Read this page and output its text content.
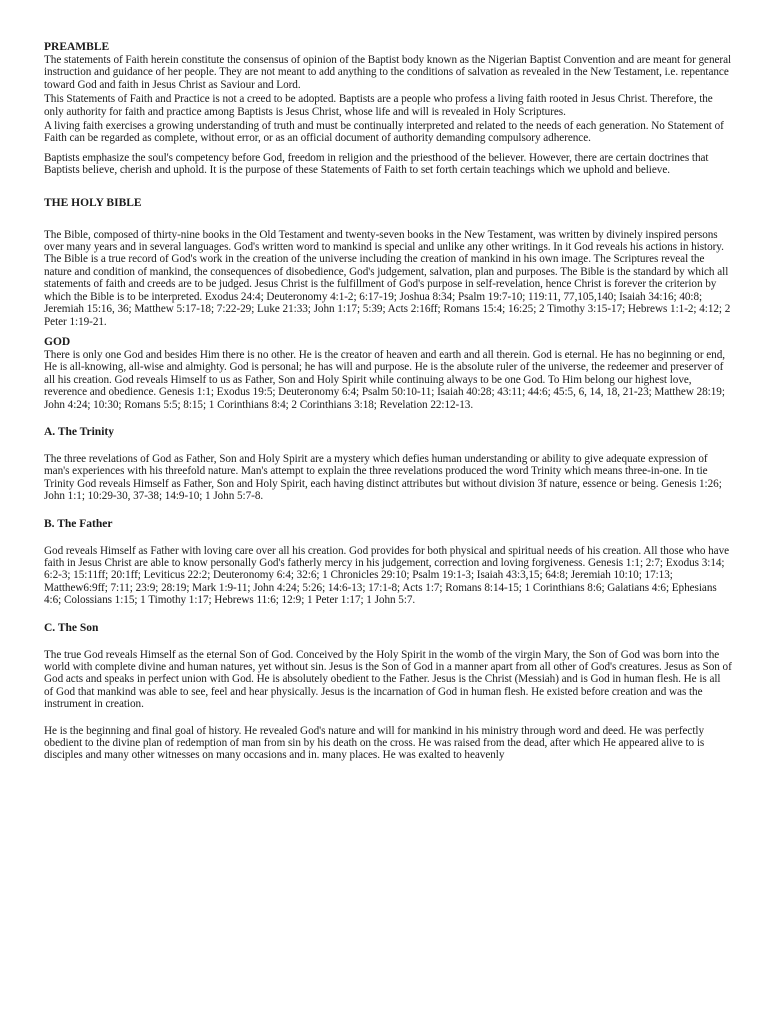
PREAMBLE

The statements of Faith herein constitute the consensus of opinion of the Baptist body known as the Nigerian Baptist Convention and are meant for general instruction and guidance of her people. They are not meant to add anything to the conditions of salvation as revealed in the New Testament, i.e. repentance toward God and faith in Jesus Christ as Saviour and Lord.

This Statements of Faith and Practice is not a creed to be adopted. Baptists are a people who profess a living faith rooted in Jesus Christ. Therefore, the only authority for faith and practice among Baptists is Jesus Christ, whose life and will is revealed in Holy Scriptures.

A living faith exercises a growing understanding of truth and must be continually interpreted and related to the needs of each generation. No Statement of Faith can be regarded as complete, without error, or as an official document of authority demanding compulsory adherence.

Baptists emphasize the soul's competency before God, freedom in religion and the priesthood of the believer. However, there are certain doctrines that Baptists believe, cherish and uphold. It is the purpose of these Statements of Faith to set forth certain teachings which we uphold and believe.

THE HOLY BIBLE

The Bible, composed of thirty-nine books in the Old Testament and twenty-seven books in the New Testament, was written by divinely inspired persons over many years and in several languages. God's written word to mankind is special and unlike any other writings. In it God reveals his actions in history. The Bible is a true record of God's work in the creation of the universe including the creation of mankind in his own image. The Scriptures reveal the nature and condition of mankind, the consequences of disobedience, God's judgement, salvation, plan and purposes. The Bible is the standard by which all statements of faith and creeds are to be judged. Jesus Christ is the fulfillment of God's purpose in self-revelation, hence Christ is forever the criterion by which the Bible is to be interpreted. Exodus 24:4; Deuteronomy 4:1-2; 6:17-19; Joshua 8:34; Psalm 19:7-10; 119:11, 77,105,140; Isaiah 34:16; 40:8; Jeremiah 15:16, 36; Matthew 5:17-18; 7:22-29; Luke 21:33; John 1:17; 5:39; Acts 2:16ff; Romans 15:4; 16:25; 2 Timothy 3:15-17; Hebrews 1:1-2; 4:12; 2 Peter 1:19-21.

GOD

There is only one God and besides Him there is no other. He is the creator of heaven and earth and all therein. God is eternal. He has no beginning or end, He is all-knowing, all-wise and almighty. God is personal; he has will and purpose. He is the absolute ruler of the universe, the redeemer and preserver of all his creation. God reveals Himself to us as Father, Son and Holy Spirit while continuing always to be one God. To Him belong our highest love, reverence and obedience. Genesis 1:1; Exodus 19:5; Deuteronomy 6:4; Psalm 50:10-11; Isaiah 40:28; 43:11; 44:6; 45:5, 6, 14, 18, 21-23; Matthew 28:19; John 4:24; 10:30; Romans 5:5; 8:15; 1 Corinthians 8:4; 2 Corinthians 3:18; Revelation 22:12-13.

A. The Trinity

The three revelations of God as Father, Son and Holy Spirit are a mystery which defies human understanding or ability to give adequate expression of man's experiences with his threefold nature. Man's attempt to explain the three revelations produced the word Trinity which means three-in-one. In tie Trinity God reveals Himself as Father, Son and Holy Spirit, each having distinct attributes but without division 3f nature, essence or being. Genesis 1:26; John 1:1; 10:29-30, 37-38; 14:9-10; 1 John 5:7-8.

B. The Father

God reveals Himself as Father with loving care over all his creation. God provides for both physical and spiritual needs of his creation. All those who have faith in Jesus Christ are able to know personally God's fatherly mercy in his judgement, correction and loving forgiveness. Genesis 1:1; 2:7; Exodus 3:14; 6:2-3; 15:11ff; 20:1ff; Leviticus 22:2; Deuteronomy 6:4; 32:6; 1 Chronicles 29:10; Psalm 19:1-3; Isaiah 43:3,15; 64:8; Jeremiah 10:10; 17:13; Matthew6:9ff; 7:11; 23:9; 28:19; Mark 1:9-11; John 4:24; 5:26; 14:6-13; 17:1-8; Acts 1:7; Romans 8:14-15; 1 Corinthians 8:6; Galatians 4:6; Ephesians 4:6; Colossians 1:15; 1 Timothy 1:17; Hebrews 11:6; 12:9; 1 Peter 1:17; 1 John 5:7.

C. The Son

The true God reveals Himself as the eternal Son of God. Conceived by the Holy Spirit in the womb of the virgin Mary, the Son of God was born into the world with complete divine and human natures, yet without sin. Jesus is the Son of God in a manner apart from all other of God's creatures. Jesus as Son of God acts and speaks in perfect union with God. He is absolutely obedient to the Father. Jesus is the Christ (Messiah) and is God in human flesh. He is all of God that mankind was able to see, feel and hear physically. Jesus is the incarnation of God in human flesh. He existed before creation and was the instrument in creation.

He is the beginning and final goal of history. He revealed God's nature and will for mankind in his ministry through word and deed. He was perfectly obedient to the divine plan of redemption of man from sin by his death on the cross. He was raised from the dead, after which He appeared alive to is disciples and many other witnesses on many occasions and in. many places. He was exalted to heavenly
